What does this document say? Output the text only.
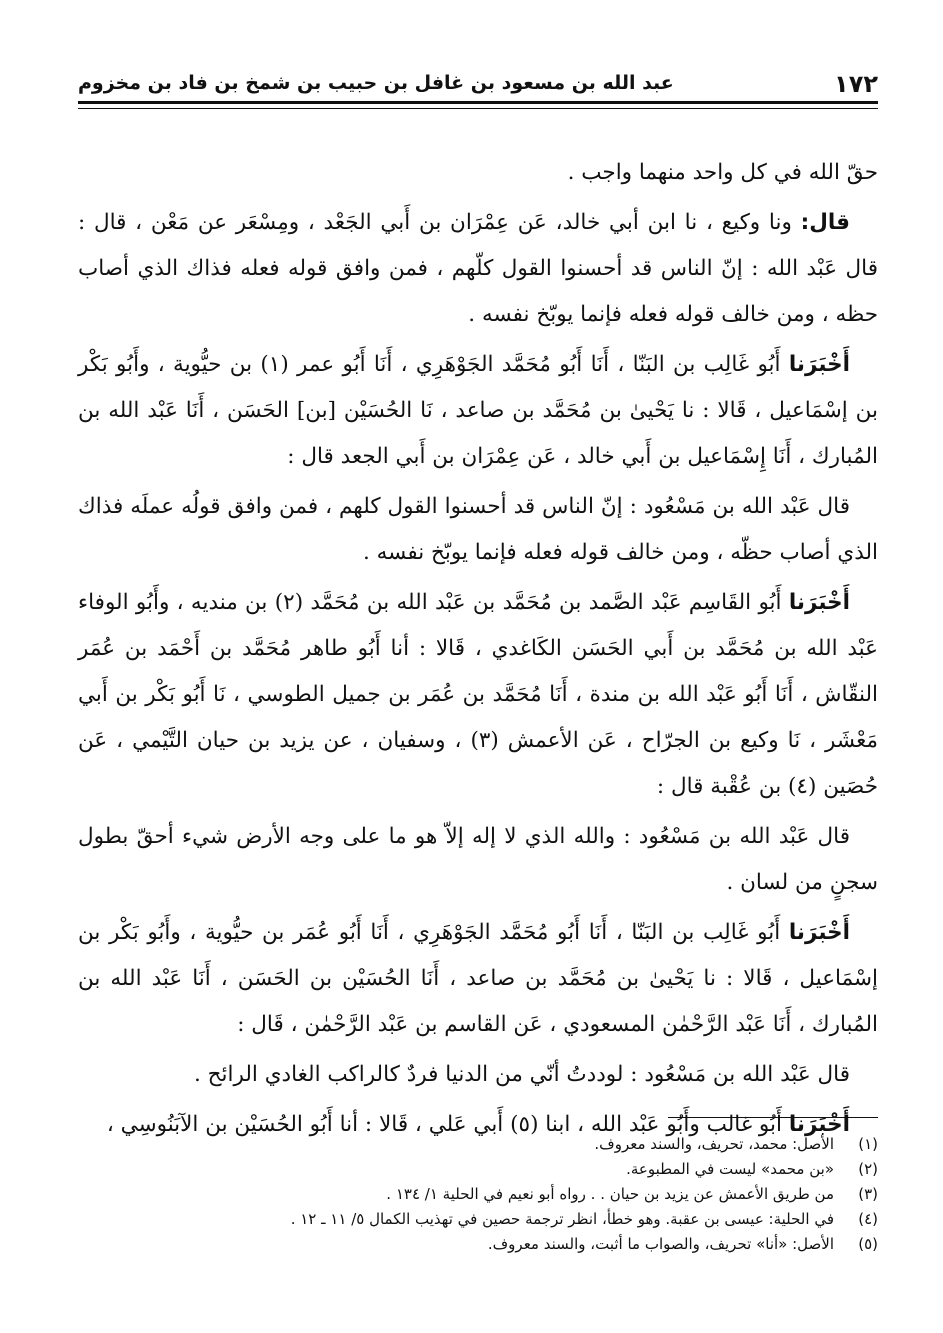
١٧٢
عبد الله بن مسعود بن غافل بن حبيب بن شمخ بن فاد بن مخزوم

حقّ الله في كل واحد منهما واجب .

قال: ونا وكيع ، نا ابن أبي خالد، عَن عِمْرَان بن أَبي الجَعْد ، ومِسْعَر عن مَعْن ، قال : قال عَبْد الله : إنّ الناس قد أحسنوا القول كلّهم ، فمن وافق قوله فعله فذاك الذي أصاب حظه ، ومن خالف قوله فعله فإنما يوبّخ نفسه .

أَخْبَرَنا أَبُو غَالِب بن البَنّا ، أَنَا أَبُو مُحَمَّد الجَوْهَرِي ، أَنَا أَبُو عمر (١) بن حيُّوية ، وأَبُو بَكْر بن إسْمَاعيل ، قَالا : نا يَحْيىٰ بن مُحَمَّد بن صاعد ، نَا الحُسَيْن [بن] الحَسَن ، أَنَا عَبْد الله بن المُبارك ، أَنَا إِسْمَاعيل بن أَبي خالد ، عَن عِمْرَان بن أَبي الجعد قال :

قال عَبْد الله بن مَسْعُود : إنّ الناس قد أحسنوا القول كلهم ، فمن وافق قولُه عملَه فذاك الذي أصاب حظّه ، ومن خالف قوله فعله فإنما يوبّخ نفسه .

أَخْبَرَنا أَبُو القَاسِم عَبْد الصَّمد بن مُحَمَّد بن عَبْد الله بن مُحَمَّد (٢) بن منديه ، وأَبُو الوفاء عَبْد الله بن مُحَمَّد بن أَبي الحَسَن الكَاغدي ، قَالا : أنا أَبُو طاهر مُحَمَّد بن أَحْمَد بن عُمَر النقّاش ، أَنَا أَبُو عَبْد الله بن مندة ، أَنَا مُحَمَّد بن عُمَر بن جميل الطوسي ، نَا أَبُو بَكْر بن أَبي مَعْشَر ، نَا وكيع بن الجرّاح ، عَن الأعمش (٣) ، وسفيان ، عن يزيد بن حيان التَّيْمي ، عَن حُصَين (٤) بن عُقْبة قال :

قال عَبْد الله بن مَسْعُود : والله الذي لا إله إلاّ هو ما على وجه الأرض شيء أحقّ بطول سجنٍ من لسان .

أَخْبَرَنا أَبُو غَالِب بن البَنّا ، أَنَا أَبُو مُحَمَّد الجَوْهَرِي ، أَنَا أَبُو عُمَر بن حيُّوية ، وأَبُو بَكْر بن إسْمَاعيل ، قَالا : نا يَحْيىٰ بن مُحَمَّد بن صاعد ، أَنَا الحُسَيْن بن الحَسَن ، أَنَا عَبْد الله بن المُبارك ، أَنَا عَبْد الرَّحْمٰن المسعودي ، عَن القاسم بن عَبْد الرَّحْمٰن ، قَال :

قال عَبْد الله بن مَسْعُود : لوددتُ أنّي من الدنيا فردٌ كالراكب الغادي الرائح .

أَخْبَرَنا أَبُو غالب وأَبُو عَبْد الله ، ابنا (٥) أَبي عَلي ، قَالا : أنا أَبُو الحُسَيْن بن الآبَنُوسِي ،

(١)
الأصل: محمد، تحريف، والسند معروف.
(٢)
«بن محمد» ليست في المطبوعة.
(٣)
من طريق الأعمش عن يزيد بن حيان . . رواه أبو نعيم في الحلية ١/ ١٣٤ .
(٤)
في الحلية: عيسى بن عقبة. وهو خطأ، انظر ترجمة حصين في تهذيب الكمال ٥/ ١١ ـ ١٢ .
(٥)
الأصل: «أنا» تحريف، والصواب ما أثبت، والسند معروف.
